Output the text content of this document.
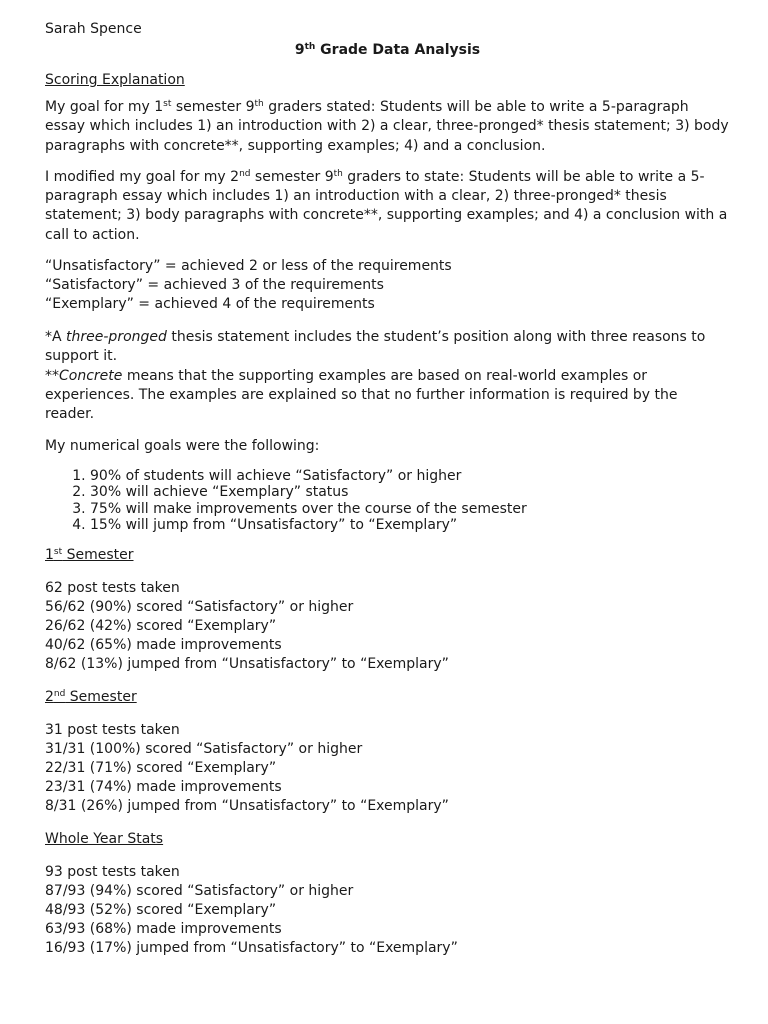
Sarah Spence
9th Grade Data Analysis
Scoring Explanation
My goal for my 1st semester 9th graders stated: Students will be able to write a 5-paragraph essay which includes 1) an introduction with 2) a clear, three-pronged* thesis statement; 3) body paragraphs with concrete**, supporting examples; 4) and a conclusion.
I modified my goal for my 2nd semester 9th graders to state: Students will be able to write a 5-paragraph essay which includes 1) an introduction with a clear, 2) three-pronged* thesis statement; 3) body paragraphs with concrete**, supporting examples; and 4) a conclusion with a call to action.
“Unsatisfactory” = achieved 2 or less of the requirements
“Satisfactory” = achieved 3 of the requirements
“Exemplary” = achieved 4 of the requirements
*A three-pronged thesis statement includes the student’s position along with three reasons to support it.
**Concrete means that the supporting examples are based on real-world examples or experiences. The examples are explained so that no further information is required by the reader.
My numerical goals were the following:
1. 90% of students will achieve “Satisfactory” or higher
2. 30% will achieve “Exemplary” status
3. 75% will make improvements over the course of the semester
4. 15% will jump from “Unsatisfactory” to “Exemplary”
1st Semester
62 post tests taken
56/62 (90%) scored “Satisfactory” or higher
26/62 (42%) scored “Exemplary”
40/62 (65%) made improvements
8/62 (13%) jumped from “Unsatisfactory” to “Exemplary”
2nd Semester
31 post tests taken
31/31 (100%) scored “Satisfactory” or higher
22/31 (71%) scored “Exemplary”
23/31 (74%) made improvements
8/31 (26%) jumped from “Unsatisfactory” to “Exemplary”
Whole Year Stats
93 post tests taken
87/93 (94%) scored “Satisfactory” or higher
48/93 (52%) scored “Exemplary”
63/93 (68%) made improvements
16/93 (17%) jumped from “Unsatisfactory” to “Exemplary”
